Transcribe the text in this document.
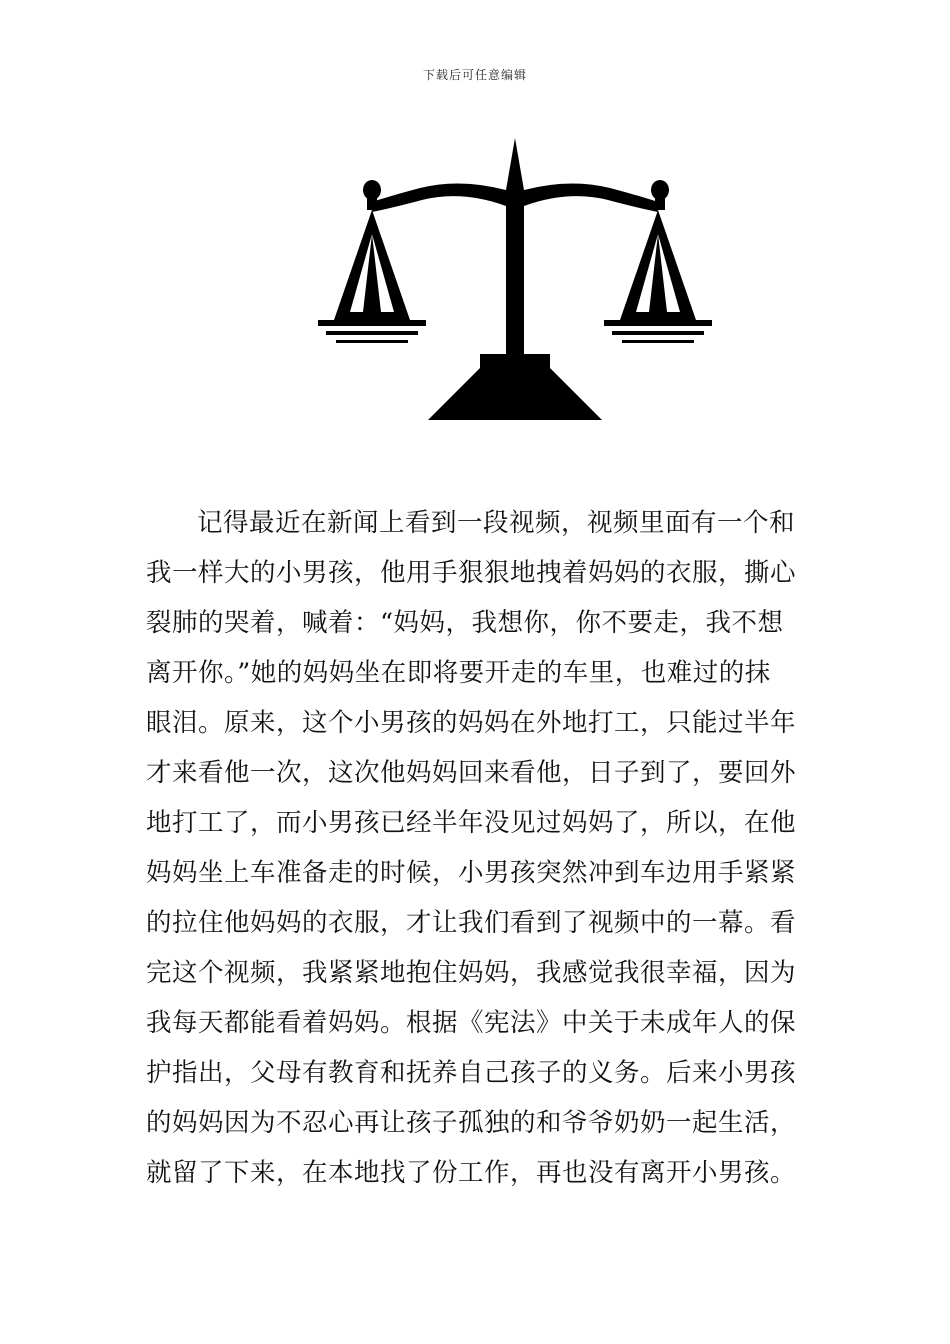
下载后可任意编辑
记得最近在新闻上看到一段视频，视频里面有一个和
我一样大的小男孩，他用手狠狠地拽着妈妈的衣服，撕心
裂肺的哭着，喊着：“妈妈，我想你，你不要走，我不想
离开你。”她的妈妈坐在即将要开走的车里，也难过的抹
眼泪。原来，这个小男孩的妈妈在外地打工，只能过半年
才来看他一次，这次他妈妈回来看他，日子到了，要回外
地打工了，而小男孩已经半年没见过妈妈了，所以，在他
妈妈坐上车准备走的时候，小男孩突然冲到车边用手紧紧
的拉住他妈妈的衣服，才让我们看到了视频中的一幕。看
完这个视频，我紧紧地抱住妈妈，我感觉我很幸福，因为
我每天都能看着妈妈。根据《宪法》中关于未成年人的保
护指出，父母有教育和抚养自己孩子的义务。后来小男孩
的妈妈因为不忍心再让孩子孤独的和爷爷奶奶一起生活，
就留了下来，在本地找了份工作，再也没有离开小男孩。
